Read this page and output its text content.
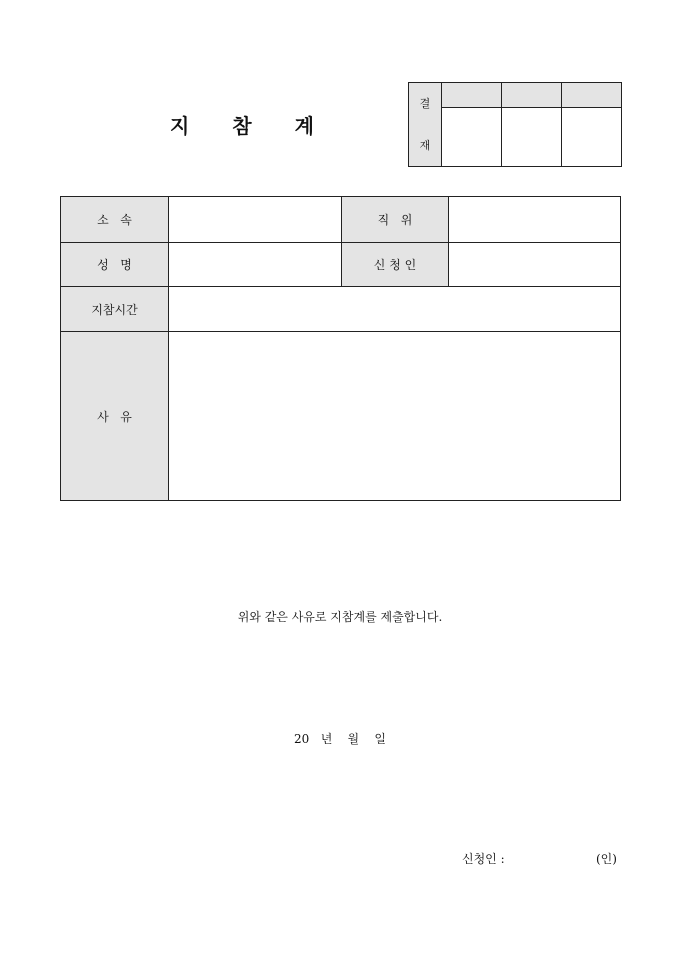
지 참 계
결
재
소   속	직   위
성   명	신 청 인
지참시간
사   유
위와 같은 사유로 지참계를 제출합니다.
20   년    월    일
신청인 :	(인)
